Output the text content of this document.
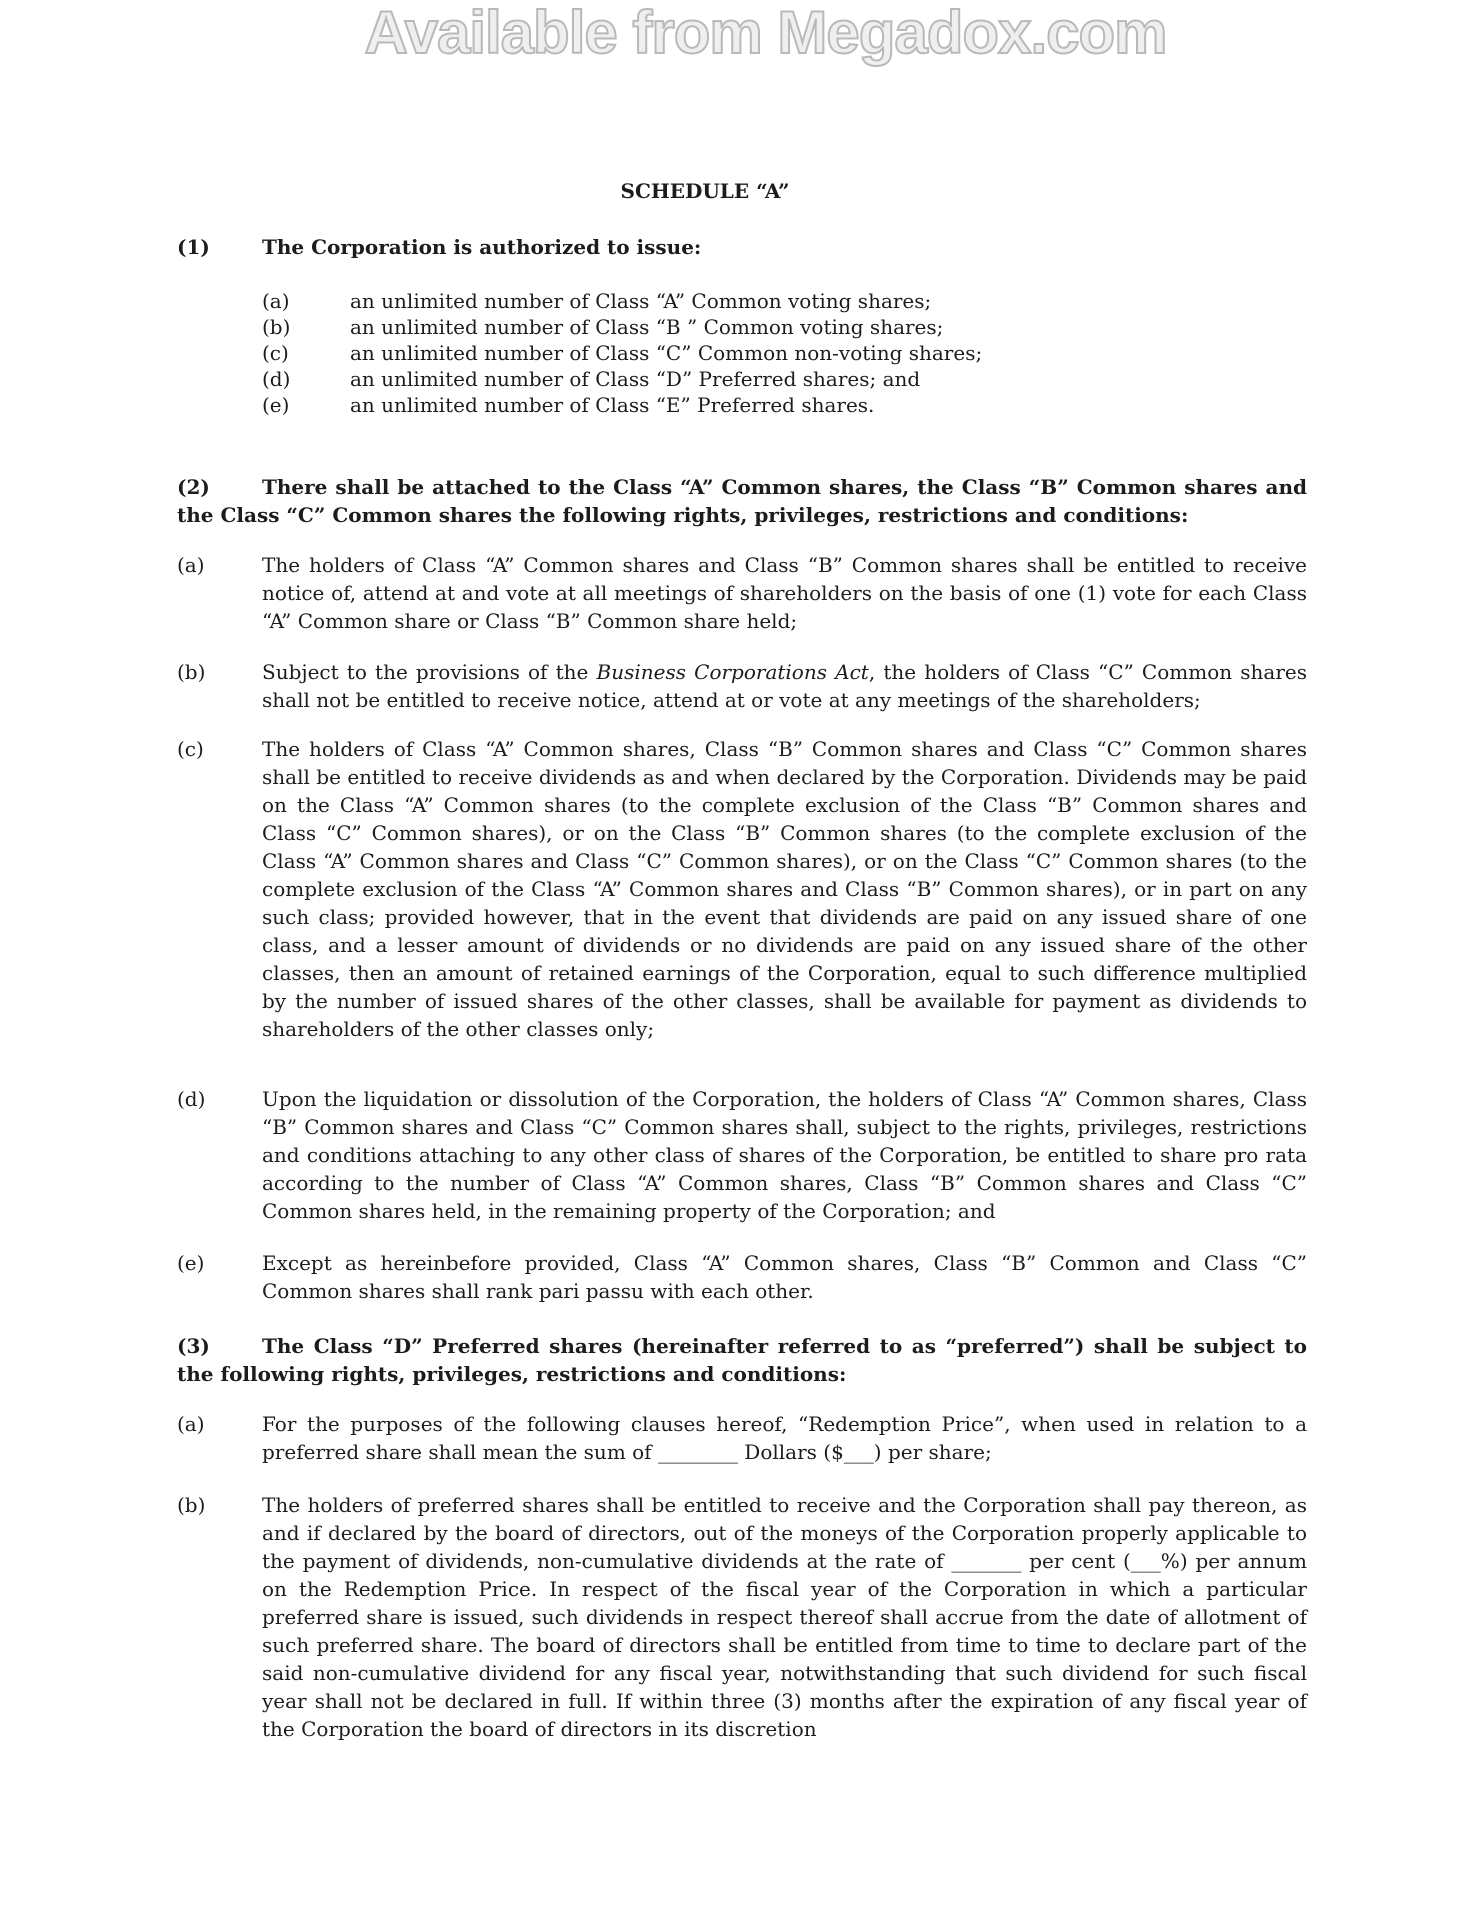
Available from Megadox.com
SCHEDULE “A”
(1)	The Corporation is authorized to issue:
(a)	an unlimited number of Class “A” Common voting shares;
(b)	an unlimited number of Class “B ” Common voting shares;
(c)	an unlimited number of Class “C” Common non-voting shares;
(d)	an unlimited number of Class “D” Preferred shares; and
(e)	an unlimited number of Class “E” Preferred shares.
(2)	There shall be attached to the Class “A” Common shares, the Class “B” Common shares and the Class “C” Common shares the following rights, privileges, restrictions and conditions:
(a)	The holders of Class “A” Common shares and Class “B” Common shares shall be entitled to receive notice of, attend at and vote at all meetings of shareholders on the basis of one (1) vote for each Class “A” Common share or Class “B” Common share held;
(b)	Subject to the provisions of the Business Corporations Act, the holders of Class “C” Common shares shall not be entitled to receive notice, attend at or vote at any meetings of the shareholders;
(c)	The holders of Class “A” Common shares, Class “B” Common shares and Class “C” Common shares shall be entitled to receive dividends as and when declared by the Corporation. Dividends may be paid on the Class “A” Common shares (to the complete exclusion of the Class “B” Common shares and Class “C” Common shares), or on the Class “B” Common shares (to the complete exclusion of the Class “A” Common shares and Class “C” Common shares), or on the Class “C” Common shares (to the complete exclusion of the Class “A” Common shares and Class “B” Common shares), or in part on any such class; provided however, that in the event that dividends are paid on any issued share of one class, and a lesser amount of dividends or no dividends are paid on any issued share of the other classes, then an amount of retained earnings of the Corporation, equal to such difference multiplied by the number of issued shares of the other classes, shall be available for payment as dividends to shareholders of the other classes only;
(d)	Upon the liquidation or dissolution of the Corporation, the holders of Class “A” Common shares, Class “B” Common shares and Class “C” Common shares shall, subject to the rights, privileges, restrictions and conditions attaching to any other class of shares of the Corporation, be entitled to share pro rata according to the number of Class “A” Common shares, Class “B” Common shares and Class “C” Common shares held, in the remaining property of the Corporation; and
(e)	Except as hereinbefore provided, Class “A” Common shares, Class “B” Common and Class “C” Common shares shall rank pari passu with each other.
(3)	The Class “D” Preferred shares (hereinafter referred to as “preferred”) shall be subject to the following rights, privileges, restrictions and conditions:
(a)	For the purposes of the following clauses hereof, “Redemption Price”, when used in relation to a preferred share shall mean the sum of ________ Dollars ($___) per share;
(b)	The holders of preferred shares shall be entitled to receive and the Corporation shall pay thereon, as and if declared by the board of directors, out of the moneys of the Corporation properly applicable to the payment of dividends, non-cumulative dividends at the rate of _______ per cent (___%) per annum on the Redemption Price. In respect of the fiscal year of the Corporation in which a particular preferred share is issued, such dividends in respect thereof shall accrue from the date of allotment of such preferred share. The board of directors shall be entitled from time to time to declare part of the said non-cumulative dividend for any fiscal year, notwithstanding that such dividend for such fiscal year shall not be declared in full. If within three (3) months after the expiration of any fiscal year of the Corporation the board of directors in its discretion
